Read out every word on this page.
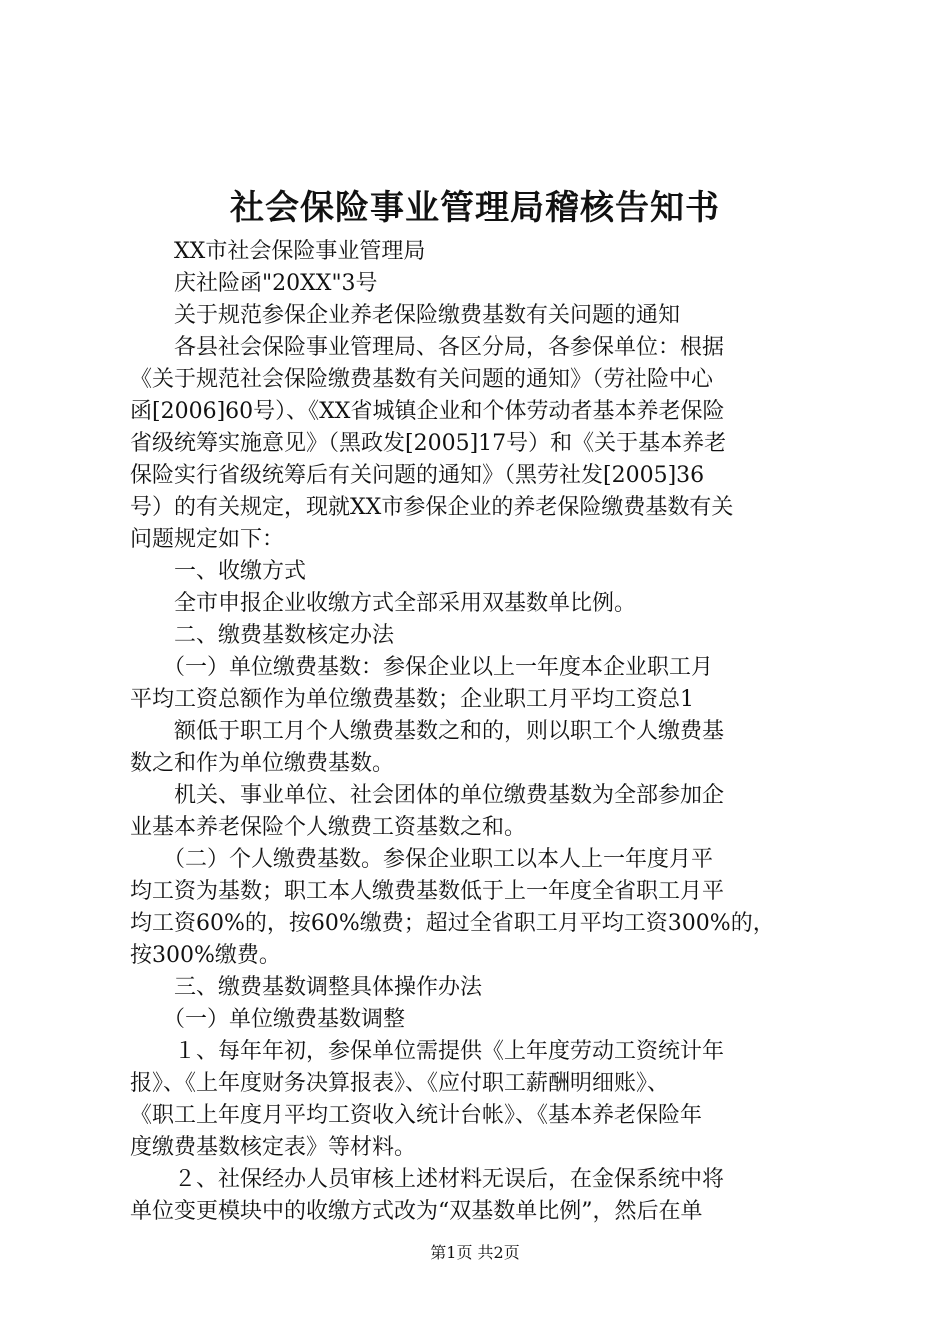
社会保险事业管理局稽核告知书
　　XX市社会保险事业管理局
　　庆社险函"20XX"3号
　　关于规范参保企业养老保险缴费基数有关问题的通知
　　各县社会保险事业管理局、各区分局，各参保单位：根据
《关于规范社会保险缴费基数有关问题的通知》（劳社险中心
函[2006]60号）、《XX省城镇企业和个体劳动者基本养老保险
省级统筹实施意见》（黑政发[2005]17号）和《关于基本养老
保险实行省级统筹后有关问题的通知》（黑劳社发[2005]36
号）的有关规定，现就XX市参保企业的养老保险缴费基数有关
问题规定如下：
　　一、收缴方式
　　全市申报企业收缴方式全部采用双基数单比例。
　　二、缴费基数核定办法
　　（一）单位缴费基数：参保企业以上一年度本企业职工月
平均工资总额作为单位缴费基数；企业职工月平均工资总1
　　额低于职工月个人缴费基数之和的，则以职工个人缴费基
数之和作为单位缴费基数。
　　机关、事业单位、社会团体的单位缴费基数为全部参加企
业基本养老保险个人缴费工资基数之和。
　　（二）个人缴费基数。参保企业职工以本人上一年度月平
均工资为基数；职工本人缴费基数低于上一年度全省职工月平
均工资60%的，按60%缴费；超过全省职工月平均工资300%的，
按300%缴费。
　　三、缴费基数调整具体操作办法
　　（一）单位缴费基数调整
　　１、每年年初，参保单位需提供《上年度劳动工资统计年
报》、《上年度财务决算报表》、《应付职工薪酬明细账》、
《职工上年度月平均工资收入统计台帐》、《基本养老保险年
度缴费基数核定表》等材料。
　　２、社保经办人员审核上述材料无误后，在金保系统中将
单位变更模块中的收缴方式改为“双基数单比例”，然后在单
第1页 共2页
